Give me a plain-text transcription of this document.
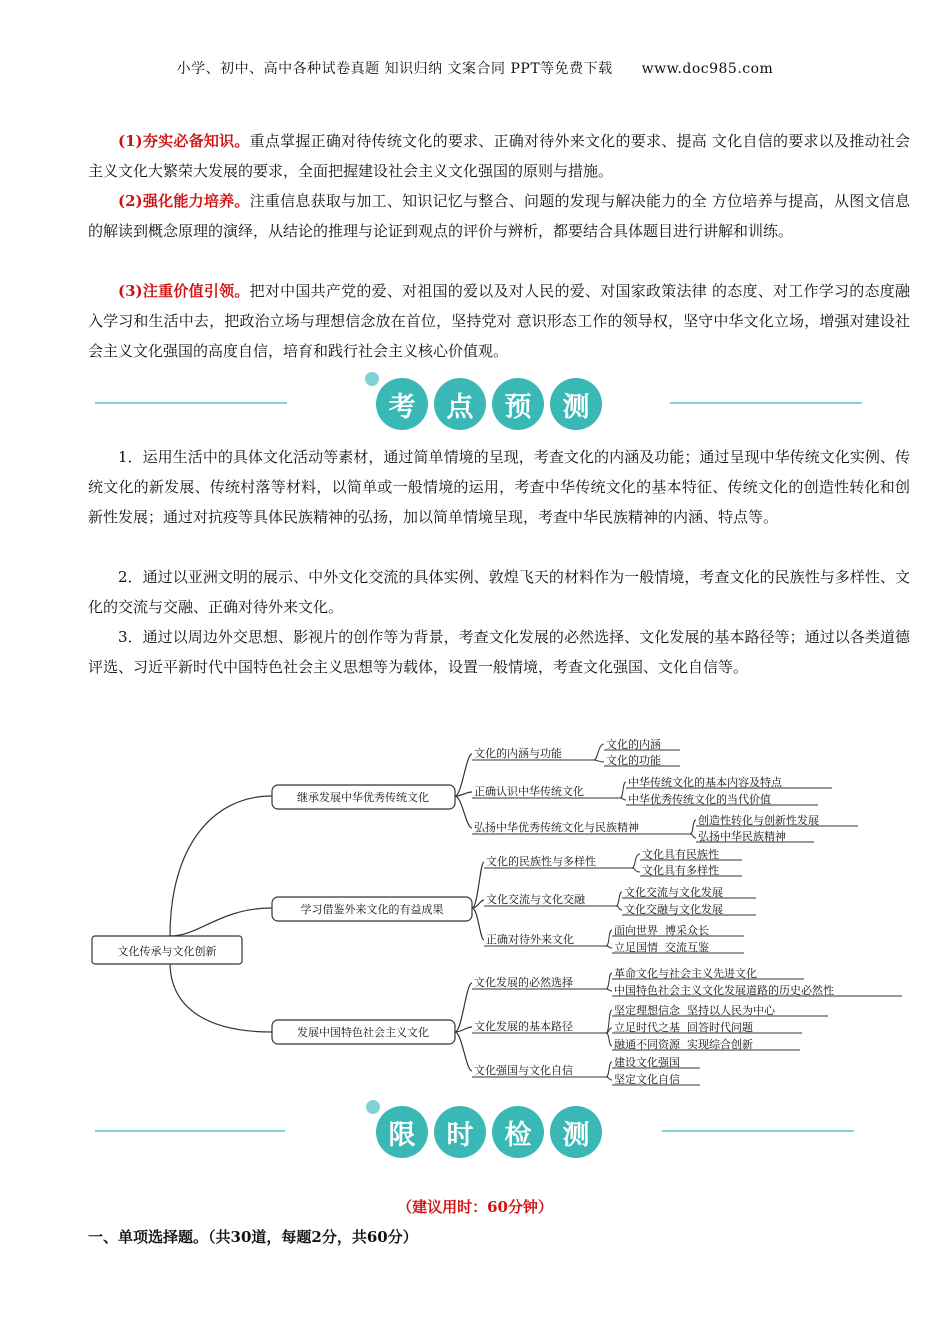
小学、初中、高中各种试卷真题 知识归纳 文案合同 PPT等免费下载 www.doc985.com
(1)夯实必备知识。重点掌握正确对待传统文化的要求、正确对待外来文化的要求、提高 文化自信的要求以及推动社会主义文化大繁荣大发展的要求，全面把握建设社会主义文化强国的原则与措施。
(2)强化能力培养。注重信息获取与加工、知识记忆与整合、问题的发现与解决能力的全 方位培养与提高，从图文信息的解读到概念原理的演绎，从结论的推理与论证到观点的评价与辨析，都要结合具体题目进行讲解和训练。
(3)注重价值引领。把对中国共产党的爱、对祖国的爱以及对人民的爱、对国家政策法律 的态度、对工作学习的态度融入学习和生活中去，把政治立场与理想信念放在首位，坚持党对 意识形态工作的领导权，坚守中华文化立场，增强对建设社会主义文化强国的高度自信，培育和践行社会主义核心价值观。
考	点	预	测
1．运用生活中的具体文化活动等素材，通过简单情境的呈现，考查文化的内涵及功能；通过呈现中华传统文化实例、传统文化的新发展、传统村落等材料，以简单或一般情境的运用，考查中华传统文化的基本特征、传统文化的创造性转化和创新性发展；通过对抗疫等具体民族精神的弘扬，加以简单情境呈现，考查中华民族精神的内涵、特点等。
2．通过以亚洲文明的展示、中外文化交流的具体实例、敦煌飞天的材料作为一般情境，考查文化的民族性与多样性、文化的交流与交融、正确对待外来文化。
3．通过以周边外交思想、影视片的创作等为背景，考查文化发展的必然选择、文化发展的基本路径等；通过以各类道德评选、习近平新时代中国特色社会主义思想等为载体，设置一般情境，考查文化强国、文化自信等。
文化传承与文化创新
继承发展中华优秀传统文化
学习借鉴外来文化的有益成果
发展中国特色社会主义文化
文化的内涵与功能
正确认识中华传统文化
弘扬中华优秀传统文化与民族精神
文化的民族性与多样性
文化交流与文化交融
正确对待外来文化
文化发展的必然选择
文化发展的基本路径
文化强国与文化自信
文化的内涵
文化的功能
中华传统文化的基本内容及特点
中华优秀传统文化的当代价值
创造性转化与创新性发展
弘扬中华民族精神
文化具有民族性
文化具有多样性
文化交流与文化发展
文化交融与文化发展
面向世界  博采众长
立足国情  交流互鉴
革命文化与社会主义先进文化
中国特色社会主义文化发展道路的历史必然性
坚定理想信念  坚持以人民为中心
立足时代之基  回答时代问题
融通不同资源  实现综合创新
建设文化强国
坚定文化自信
限	时	检	测
（建议用时：60分钟）
一、单项选择题。（共30道，每题2分，共60分）
